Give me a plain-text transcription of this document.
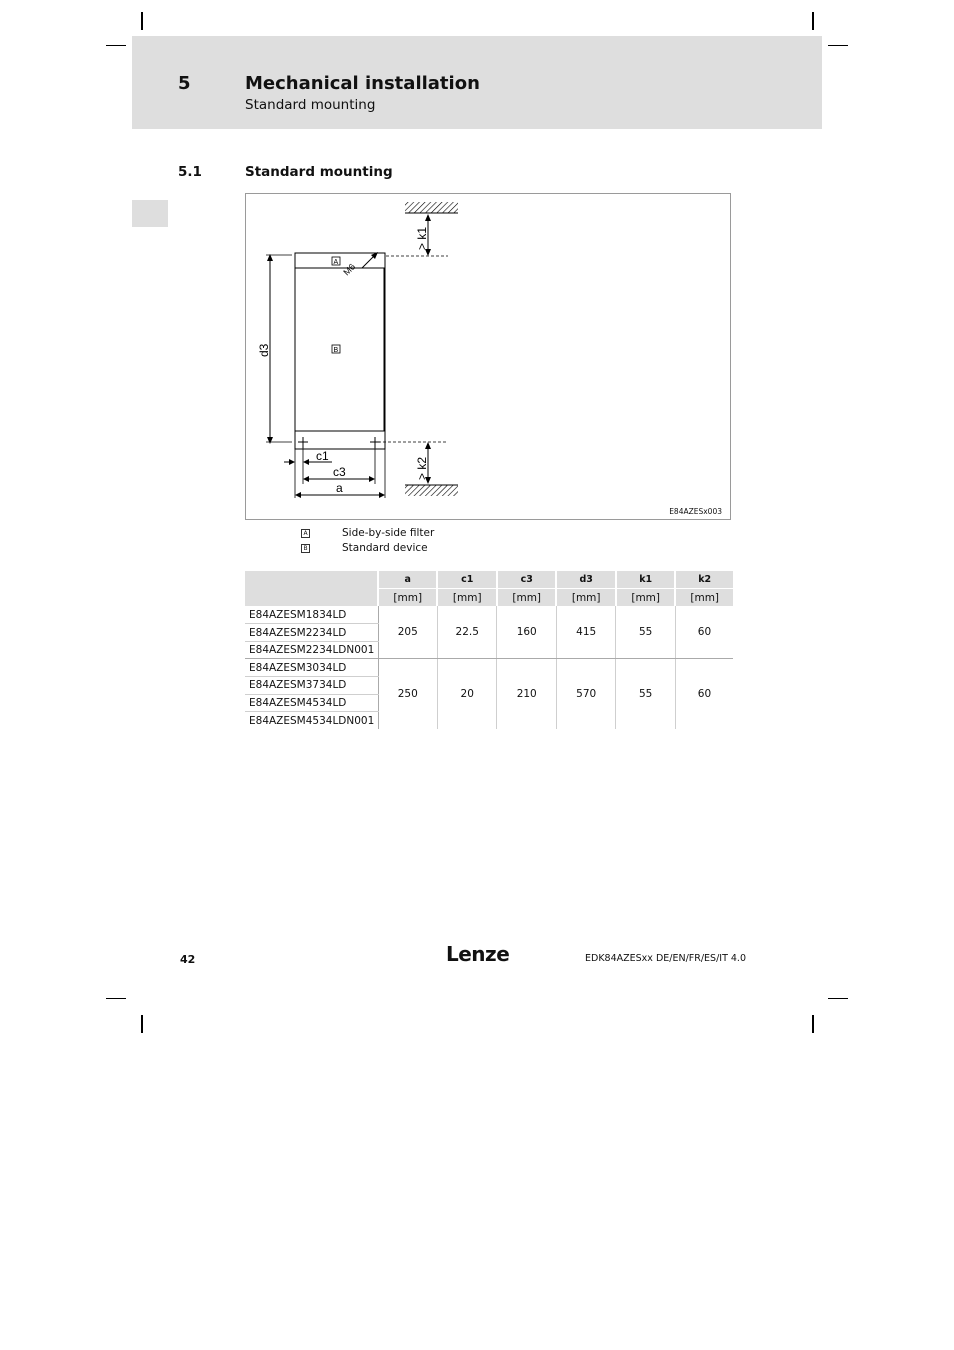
5	Mechanical installation
Standard mounting
5.1	Standard mounting
> k1
> k2
M6
A
B
d3
c1
c3
a
E84AZESx003
A	Side-by-side filter
B	Standard device
	a	c1	c3	d3	k1	k2
	[mm]	[mm]	[mm]	[mm]	[mm]	[mm]
E84AZESM1834LD	205	22.5	160	415	55	60
E84AZESM2234LD						
E84AZESM2234LDN001						
E84AZESM3034LD	250	20	210	570	55	60
E84AZESM3734LD						
E84AZESM4534LD						
E84AZESM4534LDN001						
42	Lenze	EDK84AZESxx DE/EN/FR/ES/IT 4.0
